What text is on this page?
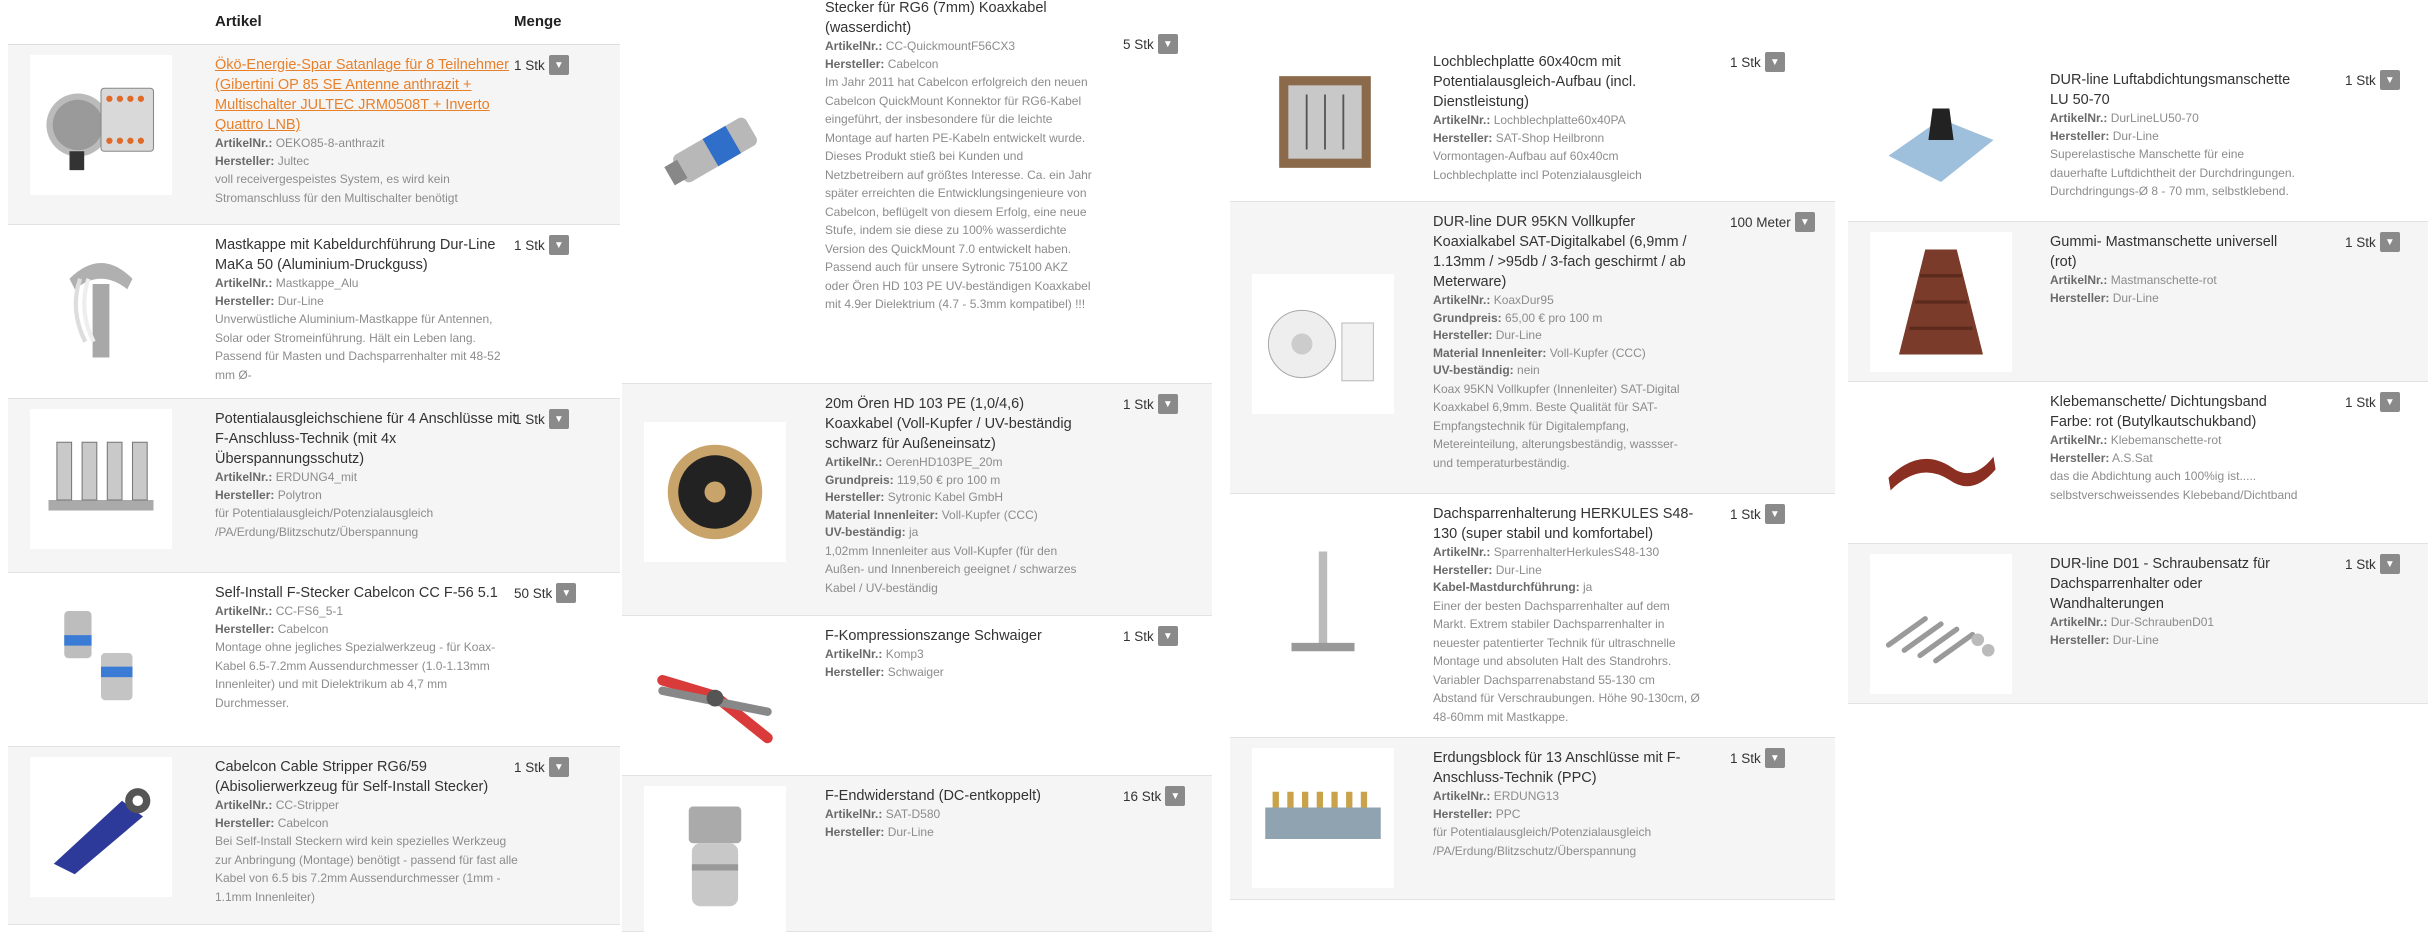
Artikel	Menge
Ökö-Energie-Spar Satanlage für 8 Teilnehmer (Gibertini OP 85 SE Antenne anthrazit + Multischalter JULTEC JRM0508T + Inverto Quattro LNB)
ArtikelNr.: OEKO85-8-anthrazit
Hersteller: Jultec
voll receivergespeistes System, es wird kein Stromanschluss für den Multischalter benötigt
1 Stk ▼
Mastkappe mit Kabeldurchführung Dur-Line MaKa 50 (Aluminium-Druckguss)
ArtikelNr.: Mastkappe_Alu
Hersteller: Dur-Line
Unverwüstliche Aluminium-Mastkappe für Antennen, Solar oder Stromeinführung. Hält ein Leben lang. Passend für Masten und Dachsparrenhalter mit 48-52 mm Ø-
1 Stk ▼
Potentialausgleichschiene für 4 Anschlüsse mit F-Anschluss-Technik (mit 4x Überspannungsschutz)
ArtikelNr.: ERDUNG4_mit
Hersteller: Polytron
für Potentialausgleich/Potenzialausgleich /PA/Erdung/Blitzschutz/Überspannung
1 Stk ▼
Self-Install F-Stecker Cabelcon CC F-56 5.1
ArtikelNr.: CC-FS6_5-1
Hersteller: Cabelcon
Montage ohne jegliches Spezialwerkzeug - für Koax-Kabel 6.5-7.2mm Aussendurchmesser (1.0-1.13mm Innenleiter) und mit Dielektrikum ab 4,7 mm Durchmesser.
50 Stk ▼
Cabelcon Cable Stripper RG6/59 (Abisolierwerkzeug für Self-Install Stecker)
ArtikelNr.: CC-Stripper
Hersteller: Cabelcon
Bei Self-Install Steckern wird kein spezielles Werkzeug zur Anbringung (Montage) benötigt - passend für fast alle Kabel von 6.5 bis 7.2mm Aussendurchmesser (1mm - 1.1mm Innenleiter)
1 Stk ▼
Stecker für RG6 (7mm) Koaxkabel (wasserdicht)
ArtikelNr.: CC-QuickmountF56CX3
Hersteller: Cabelcon
Im Jahr 2011 hat Cabelcon erfolgreich den neuen Cabelcon QuickMount Konnektor für RG6-Kabel eingeführt, der insbesondere für die leichte Montage auf harten PE-Kabeln entwickelt wurde.
Dieses Produkt stieß bei Kunden und Netzbetreibern auf größtes Interesse. Ca. ein Jahr später erreichten die Entwicklungsingenieure von Cabelcon, beflügelt von diesem Erfolg, eine neue Stufe, indem sie diese zu 100% wasserdichte Version des QuickMount 7.0 entwickelt haben.
Passend auch für unsere Sytronic 75100 AKZ oder Ören HD 103 PE UV-beständigen Koaxkabel mit 4.9er Dielektrium (4.7 - 5.3mm kompatibel) !!!
5 Stk ▼
20m Ören HD 103 PE (1,0/4,6) Koaxkabel (Voll-Kupfer / UV-beständig schwarz für Außeneinsatz)
ArtikelNr.: OerenHD103PE_20m
Grundpreis: 119,50 € pro 100 m
Hersteller: Sytronic Kabel GmbH
Material Innenleiter: Voll-Kupfer (CCC)
UV-beständig: ja
1,02mm Innenleiter aus Voll-Kupfer (für den Außen- und Innenbereich geeignet / schwarzes Kabel / UV-beständig
1 Stk ▼
F-Kompressionszange Schwaiger
ArtikelNr.: Komp3
Hersteller: Schwaiger
1 Stk ▼
F-Endwiderstand (DC-entkoppelt)
ArtikelNr.: SAT-D580
Hersteller: Dur-Line
16 Stk ▼
Lochblechplatte 60x40cm mit Potentialausgleich-Aufbau (incl. Dienstleistung)
ArtikelNr.: Lochblechplatte60x40PA
Hersteller: SAT-Shop Heilbronn
Vormontagen-Aufbau auf 60x40cm Lochblechplatte incl Potenzialausgleich
1 Stk ▼
DUR-line DUR 95KN Vollkupfer Koaxialkabel SAT-Digitalkabel (6,9mm / 1.13mm / >95db / 3-fach geschirmt / ab Meterware)
ArtikelNr.: KoaxDur95
Grundpreis: 65,00 € pro 100 m
Hersteller: Dur-Line
Material Innenleiter: Voll-Kupfer (CCC)
UV-beständig: nein
Koax 95KN Vollkupfer (Innenleiter) SAT-Digital Koaxkabel 6,9mm. Beste Qualität für SAT-Empfangstechnik für Digitalempfang, Metereinteilung, alterungsbeständig, wassser- und temperaturbeständig.
100 Meter ▼
Dachsparrenhalterung HERKULES S48-130 (super stabil und komfortabel)
ArtikelNr.: SparrenhalterHerkulesS48-130
Hersteller: Dur-Line
Kabel-Mastdurchführung: ja
Einer der besten Dachsparrenhalter auf dem Markt. Extrem stabiler Dachsparrenhalter in neuester patentierter Technik für ultraschnelle Montage und absoluten Halt des Standrohrs. Variabler Dachsparrenabstand 55-130 cm Abstand für Verschraubungen. Höhe 90-130cm, Ø 48-60mm mit Mastkappe.
1 Stk ▼
Erdungsblock für 13 Anschlüsse mit F-Anschluss-Technik (PPC)
ArtikelNr.: ERDUNG13
Hersteller: PPC
für Potentialausgleich/Potenzialausgleich /PA/Erdung/Blitzschutz/Überspannung
1 Stk ▼
DUR-line Luftabdichtungsmanschette LU 50-70
ArtikelNr.: DurLineLU50-70
Hersteller: Dur-Line
Superelastische Manschette für eine dauerhafte Luftdichtheit der Durchdringungen. Durchdringungs-Ø 8 - 70 mm, selbstklebend.
1 Stk ▼
Gummi- Mastmanschette universell (rot)
ArtikelNr.: Mastmanschette-rot
Hersteller: Dur-Line
1 Stk ▼
Klebemanschette/ Dichtungsband Farbe: rot (Butylkautschukband)
ArtikelNr.: Klebemanschette-rot
Hersteller: A.S.Sat
das die Abdichtung auch 100%ig ist..... selbstverschweissendes Klebeband/Dichtband
1 Stk ▼
DUR-line D01 - Schraubensatz für Dachsparrenhalter oder Wandhalterungen
ArtikelNr.: Dur-SchraubenD01
Hersteller: Dur-Line
1 Stk ▼
